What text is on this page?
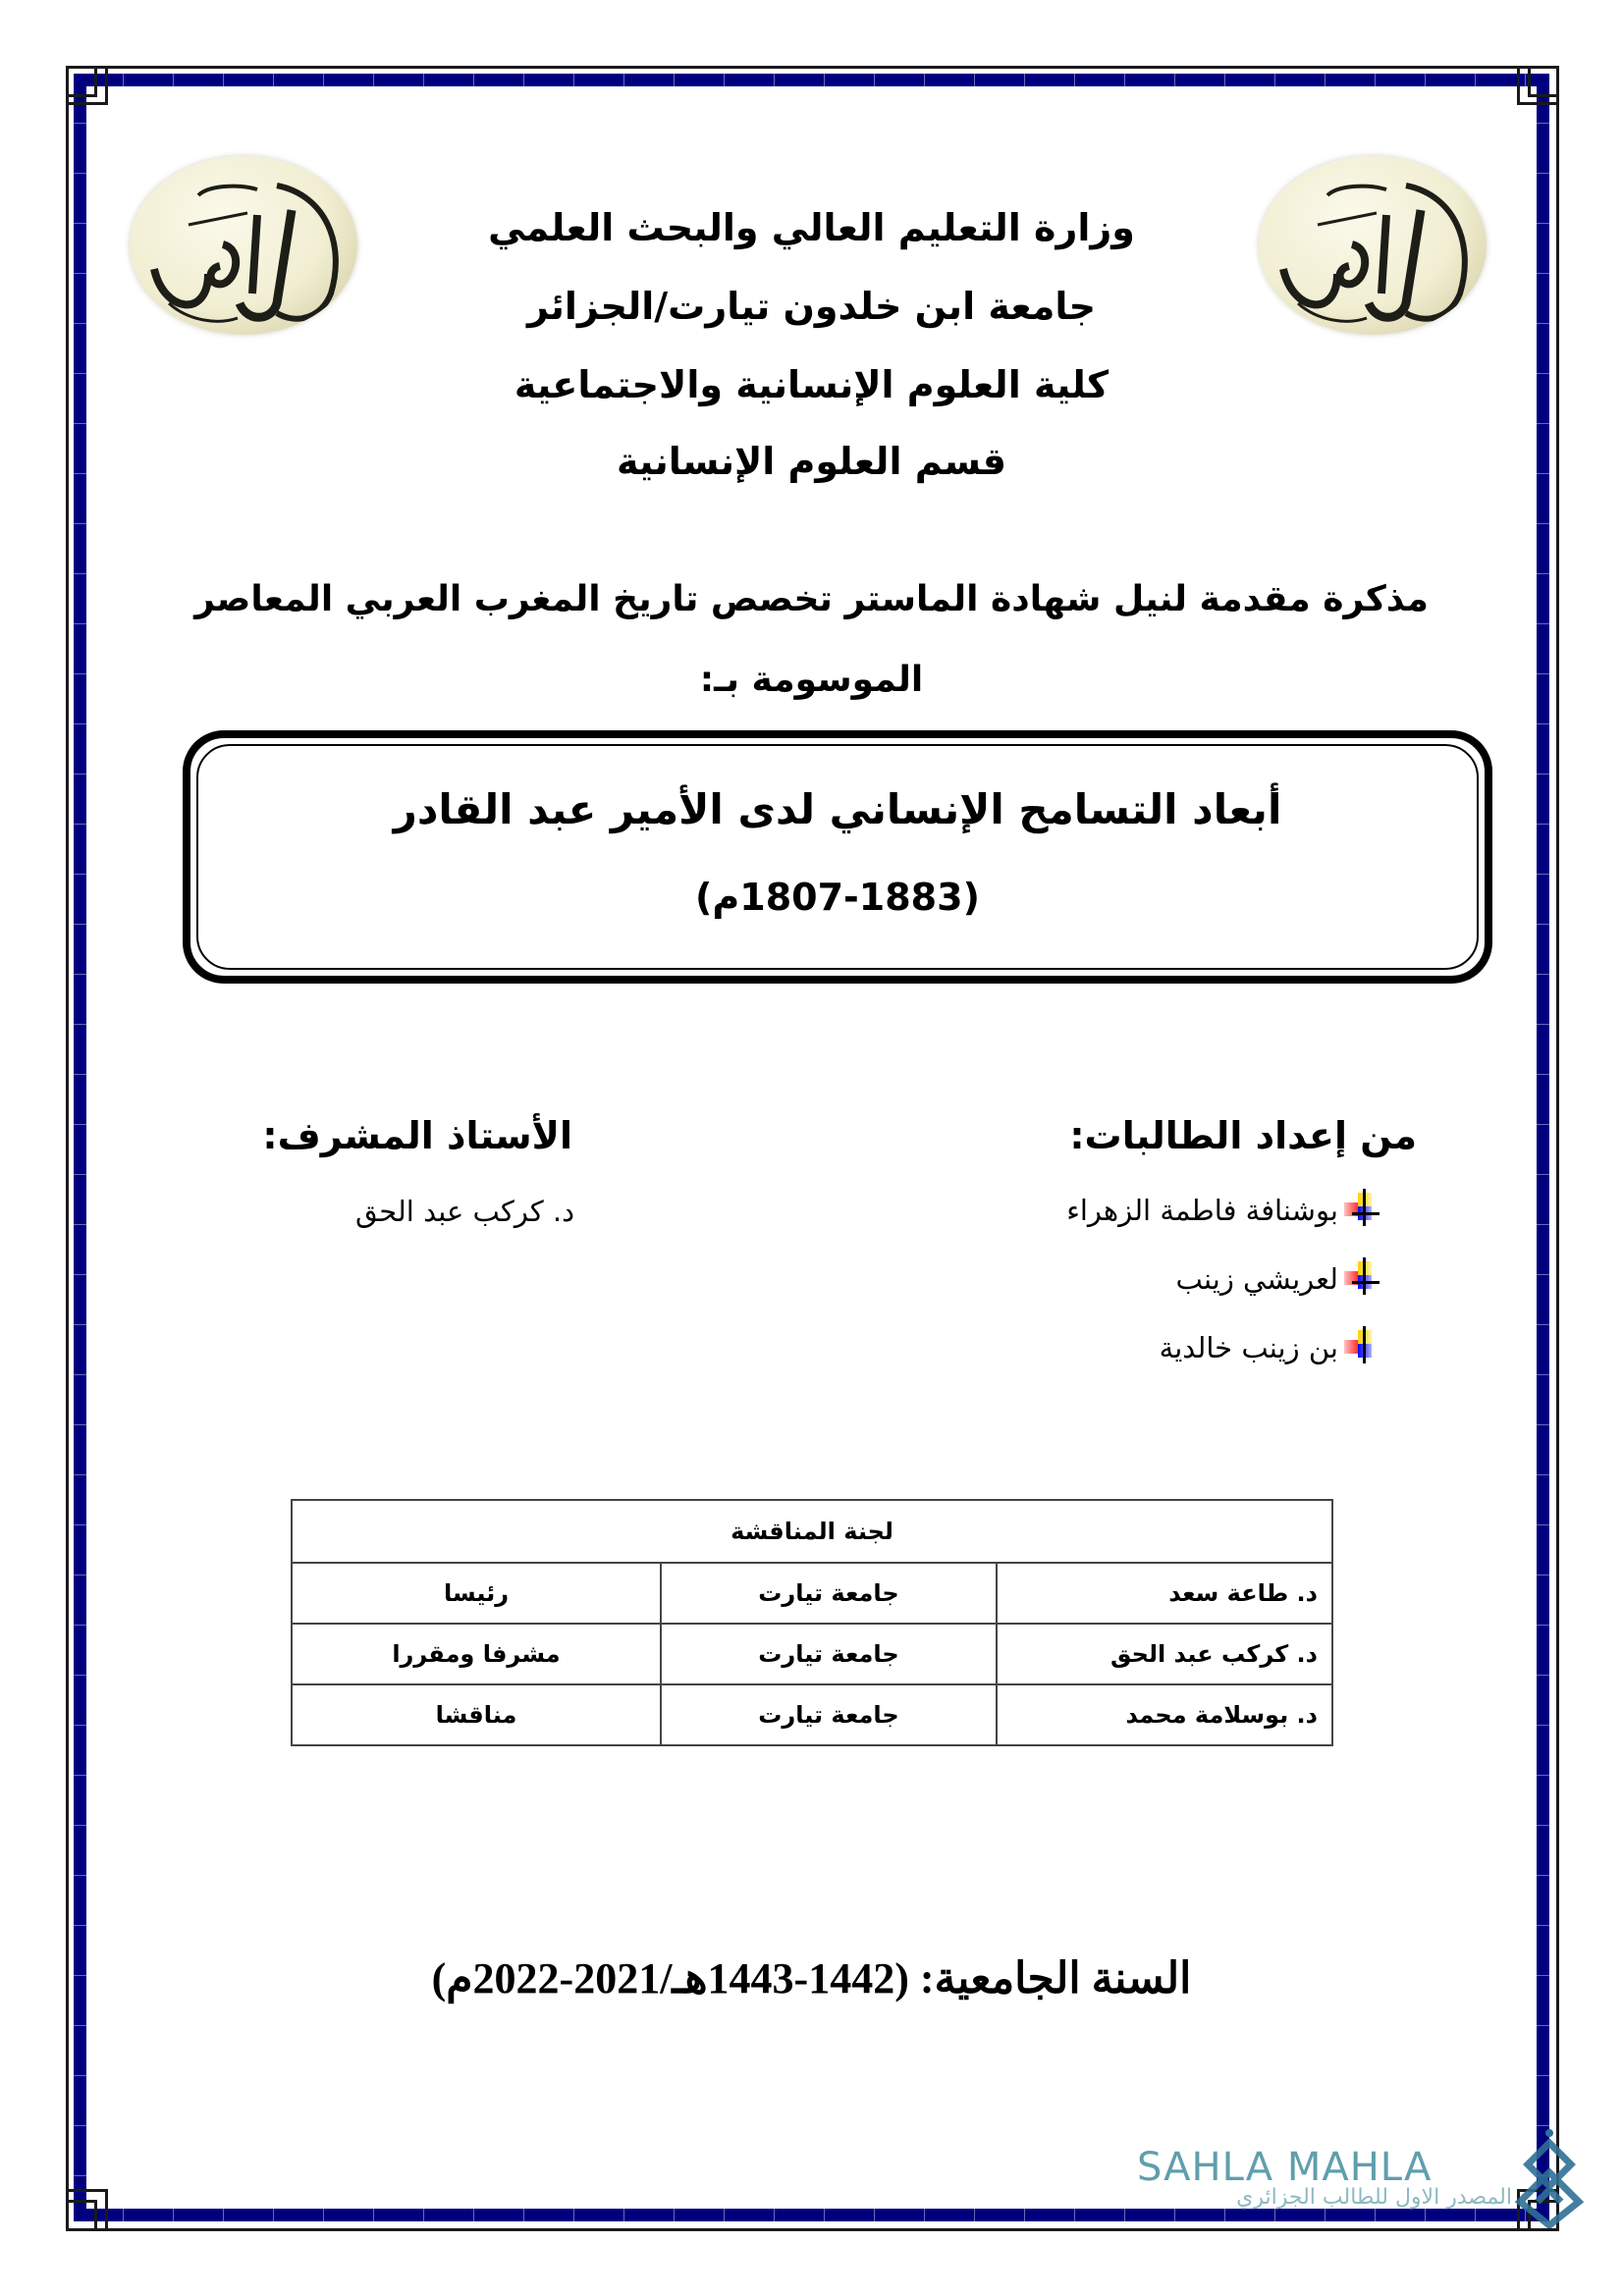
وزارة التعليم العالي والبحث العلمي
جامعة ابن خلدون تيارت/الجزائر
كلية العلوم الإنسانية والاجتماعية
قسم العلوم الإنسانية
مذكرة مقدمة لنيل شهادة الماستر تخصص تاريخ المغرب العربي المعاصر
الموسومة بـ:
أبعاد التسامح الإنساني لدى الأمير عبد القادر
(1807-1883م)
من إعداد الطالبات:
بوشنافة فاطمة الزهراء
لعريشي زينب
بن زينب خالدية
الأستاذ المشرف:
د. كركب عبد الحق
لجنة المناقشة		
د. طاعة سعد	جامعة تيارت	رئيسا
د. كركب عبد الحق	جامعة تيارت	مشرفا ومقررا
د. بوسلامة محمد	جامعة تيارت	مناقشا
السنة الجامعية: (1442-1443هـ/2021-2022م)
SAHLA MAHLA
المصدر الاول للطالب الجزائري
